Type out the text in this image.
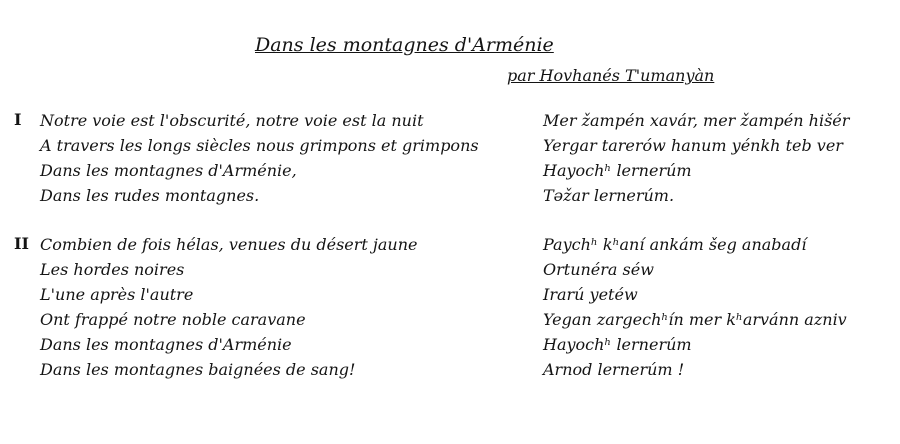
Dans les montagnes d'Arménie
par Hovhanés T'umanyàn
I Notre voie est l'obscurité, notre voie est la nuit
A travers les longs siècles nous grimpons et grimpons
Dans les montagnes d'Arménie,
Dans les rudes montagnes.
Mer žampén xavár, mer žampén hišér
Yergar tarerów hanum yénkh teb ver
Hayochʰ lernerúm
Təžar lernerúm.
II Combien de fois hélas, venues du désert jaune
Les hordes noires
L'une après l'autre
Ont frappé notre noble caravane
Dans les montagnes d'Arménie
Dans les montagnes baignées de sang!
Paychʰ kʰaní ankám šeg anabadí
Ortunéra séw
Irarú yetéw
Yegan zargechʰín mer kʰarvánn azniv
Hayochʰ lernerúm
Arnod lernerúm !
